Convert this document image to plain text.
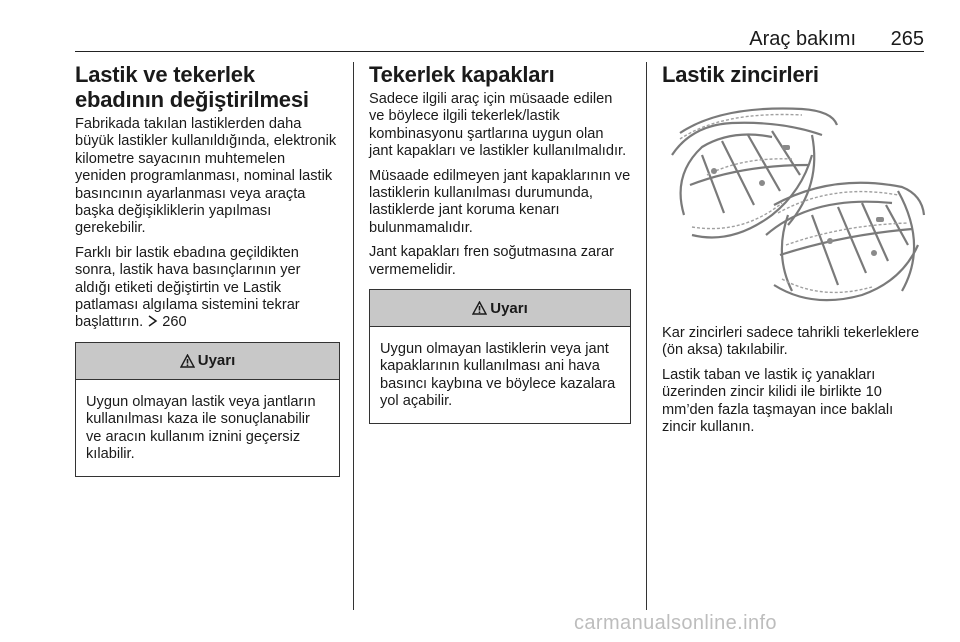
Araç bakımı 265
Lastik ve tekerlek ebadının değiştirilmesi

Fabrikada takılan lastiklerden daha büyük lastikler kullanıldığında, elektronik kilometre sayacının muhtemelen yeniden programlanması, nominal lastik basıncının ayarlanması veya araçta başka değişikliklerin yapılması gerekebilir.

Farklı bir lastik ebadına geçildikten sonra, lastik hava basınçlarının yer aldığı etiketi değiştirtin ve Lastik patlaması algılama sistemini tekrar başlattırın. 260

Uyarı
Uygun olmayan lastik veya jantların kullanılması kaza ile sonuçlanabilir ve aracın kullanım iznini geçersiz kılabilir.
Tekerlek kapakları

Sadece ilgili araç için müsaade edilen ve böylece ilgili tekerlek/lastik kombinasyonu şartlarına uygun olan jant kapakları ve lastikler kullanılmalıdır.

Müsaade edilmeyen jant kapaklarının ve lastiklerin kullanılması durumunda, lastiklerde jant koruma kenarı bulunmamalıdır.

Jant kapakları fren soğutmasına zarar vermemelidir.

Uyarı
Uygun olmayan lastiklerin veya jant kapaklarının kullanılması ani hava basıncı kaybına ve böylece kazalara yol açabilir.
Lastik zincirleri

Kar zincirleri sadece tahrikli tekerleklere (ön aksa) takılabilir.

Lastik taban ve lastik iç yanakları üzerinden zincir kilidi ile birlikte 10 mm’den fazla taşmayan ince baklalı zincir kullanın.

carmanualsonline.info
